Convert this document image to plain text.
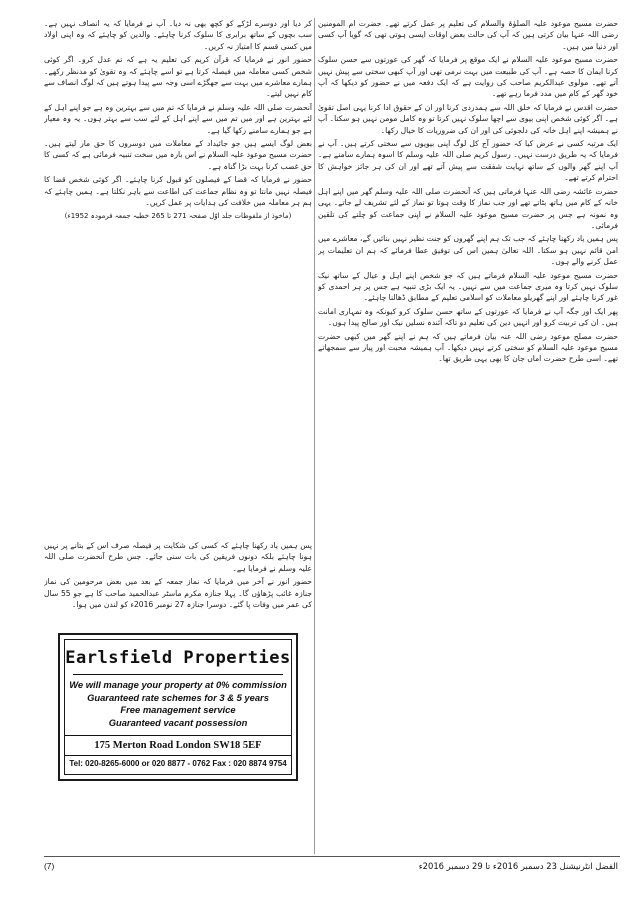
حضرت مسیح موعود علیہ الصلوٰۃ والسلام کی تعلیم پر عمل کرتے تھے۔ حضرت ام المومنین رضی اللہ عنہا بیان کرتی ہیں کہ آپ کی حالت بعض اوقات ایسی ہوتی تھی کہ گویا آپ کسی اور دنیا میں ہیں۔

حضرت مسیح موعود علیہ السلام نے ایک موقع پر فرمایا کہ گھر کی عورتوں سے حسن سلوک کرنا ایمان کا حصہ ہے۔ آپ کی طبیعت میں بہت نرمی تھی اور آپ کبھی سختی سے پیش نہیں آتے تھے۔ مولوی عبدالکریم صاحب کی روایت ہے کہ ایک دفعہ میں نے حضور کو دیکھا کہ آپ خود گھر کے کام میں مدد فرما رہے تھے۔

حضرت اقدس نے فرمایا کہ خلق اللہ سے ہمدردی کرنا اور ان کے حقوق ادا کرنا یہی اصل تقویٰ ہے۔ اگر کوئی شخص اپنی بیوی سے اچھا سلوک نہیں کرتا تو وہ کامل مومن نہیں ہو سکتا۔ آپ نے ہمیشہ اپنے اہل خانہ کی دلجوئی کی اور ان کی ضروریات کا خیال رکھا۔

ایک مرتبہ کسی نے عرض کیا کہ حضور آج کل لوگ اپنی بیویوں سے سختی کرتے ہیں۔ آپ نے فرمایا کہ یہ طریق درست نہیں۔ رسول کریم صلی اللہ علیہ وسلم کا اسوہ ہمارے سامنے ہے۔ آپ اپنے گھر والوں کے ساتھ نہایت شفقت سے پیش آتے تھے اور ان کی ہر جائز خواہش کا احترام کرتے تھے۔

حضرت عائشہ رضی اللہ عنہا فرماتی ہیں کہ آنحضرت صلی اللہ علیہ وسلم گھر میں اپنے اہل خانہ کے کام میں ہاتھ بٹاتے تھے اور جب نماز کا وقت ہوتا تو نماز کے لئے تشریف لے جاتے۔ یہی وہ نمونہ ہے جس پر حضرت مسیح موعود علیہ السلام نے اپنی جماعت کو چلنے کی تلقین فرمائی۔

پس ہمیں یاد رکھنا چاہئے کہ جب تک ہم اپنے گھروں کو جنت نظیر نہیں بنائیں گے، معاشرے میں امن قائم نہیں ہو سکتا۔ اللہ تعالیٰ ہمیں اس کی توفیق عطا فرمائے کہ ہم ان تعلیمات پر عمل کرنے والے ہوں۔

حضرت مسیح موعود علیہ السلام فرماتے ہیں کہ جو شخص اپنے اہل و عیال کے ساتھ نیک سلوک نہیں کرتا وہ میری جماعت میں سے نہیں۔ یہ ایک بڑی تنبیہ ہے جس پر ہر احمدی کو غور کرنا چاہئے اور اپنے گھریلو معاملات کو اسلامی تعلیم کے مطابق ڈھالنا چاہئے۔

پھر ایک اور جگہ آپ نے فرمایا کہ عورتوں کے ساتھ حسن سلوک کرو کیونکہ وہ تمہاری امانت ہیں۔ ان کی تربیت کرو اور انہیں دین کی تعلیم دو تاکہ آئندہ نسلیں نیک اور صالح پیدا ہوں۔

حضرت مصلح موعود رضی اللہ عنہ بیان فرماتے ہیں کہ ہم نے اپنے گھر میں کبھی حضرت مسیح موعود علیہ السلام کو سختی کرتے نہیں دیکھا۔ آپ ہمیشہ محبت اور پیار سے سمجھاتے تھے۔ اسی طرح حضرت اماں جان کا بھی یہی طریق تھا۔

کر دیا اور دوسرے لڑکے کو کچھ بھی نہ دیا۔ آپ نے فرمایا کہ یہ انصاف نہیں ہے۔ سب بچوں کے ساتھ برابری کا سلوک کرنا چاہئے۔ والدین کو چاہئے کہ وہ اپنی اولاد میں کسی قسم کا امتیاز نہ کریں۔

حضور انور نے فرمایا کہ قرآن کریم کی تعلیم یہ ہے کہ تم عدل کرو۔ اگر کوئی شخص کسی معاملہ میں فیصلہ کرتا ہے تو اسے چاہئے کہ وہ تقویٰ کو مدنظر رکھے۔ ہمارے معاشرے میں بہت سے جھگڑے اسی وجہ سے پیدا ہوتے ہیں کہ لوگ انصاف سے کام نہیں لیتے۔

آنحضرت صلی اللہ علیہ وسلم نے فرمایا کہ تم میں سے بہترین وہ ہے جو اپنے اہل کے لئے بہترین ہے اور میں تم میں سے اپنے اہل کے لئے سب سے بہتر ہوں۔ یہ وہ معیار ہے جو ہمارے سامنے رکھا گیا ہے۔

بعض لوگ ایسے ہیں جو جائیداد کے معاملات میں دوسروں کا حق مار لیتے ہیں۔ حضرت مسیح موعود علیہ السلام نے اس بارہ میں سخت تنبیہ فرمائی ہے کہ کسی کا حق غصب کرنا بہت بڑا گناہ ہے۔

حضور نے فرمایا کہ قضا کے فیصلوں کو قبول کرنا چاہئے۔ اگر کوئی شخص قضا کا فیصلہ نہیں مانتا تو وہ نظام جماعت کی اطاعت سے باہر نکلتا ہے۔ ہمیں چاہئے کہ ہم ہر معاملہ میں خلافت کی ہدایات پر عمل کریں۔

(ماخوذ از ملفوظات جلد اوّل صفحہ 271 تا 265 خطبہ جمعہ فرمودہ 1952ء)

پس ہمیں یاد رکھنا چاہئے کہ کسی کی شکایت پر فیصلہ صرف اس کے بتانے پر نہیں ہونا چاہئے بلکہ دونوں فریقین کی بات سنی جائے۔ جس طرح آنحضرت صلی اللہ علیہ وسلم نے فرمایا ہے۔

حضور انور نے آخر میں فرمایا کہ نماز جمعہ کے بعد میں بعض مرحومین کی نماز جنازہ غائب پڑھاؤں گا۔ پہلا جنازہ مکرم ماسٹر عبدالحمید صاحب کا ہے جو 55 سال کی عمر میں وفات پا گئے۔ دوسرا جنازہ 27 نومبر 2016ء کو لندن میں ہوا۔

Earlsfield Properties
We will manage your property at 0% commission
Guaranteed rate schemes for 3 & 5 years
Free management service
Guaranteed vacant possession
175 Merton Road London SW18 5EF
Tel: 020-8265-6000 or 020 8877 - 0762 Fax : 020 8874 9754
الفضل انٹرنیشنل 23 دسمبر 2016ء تا 29 دسمبر 2016ء
(7)
